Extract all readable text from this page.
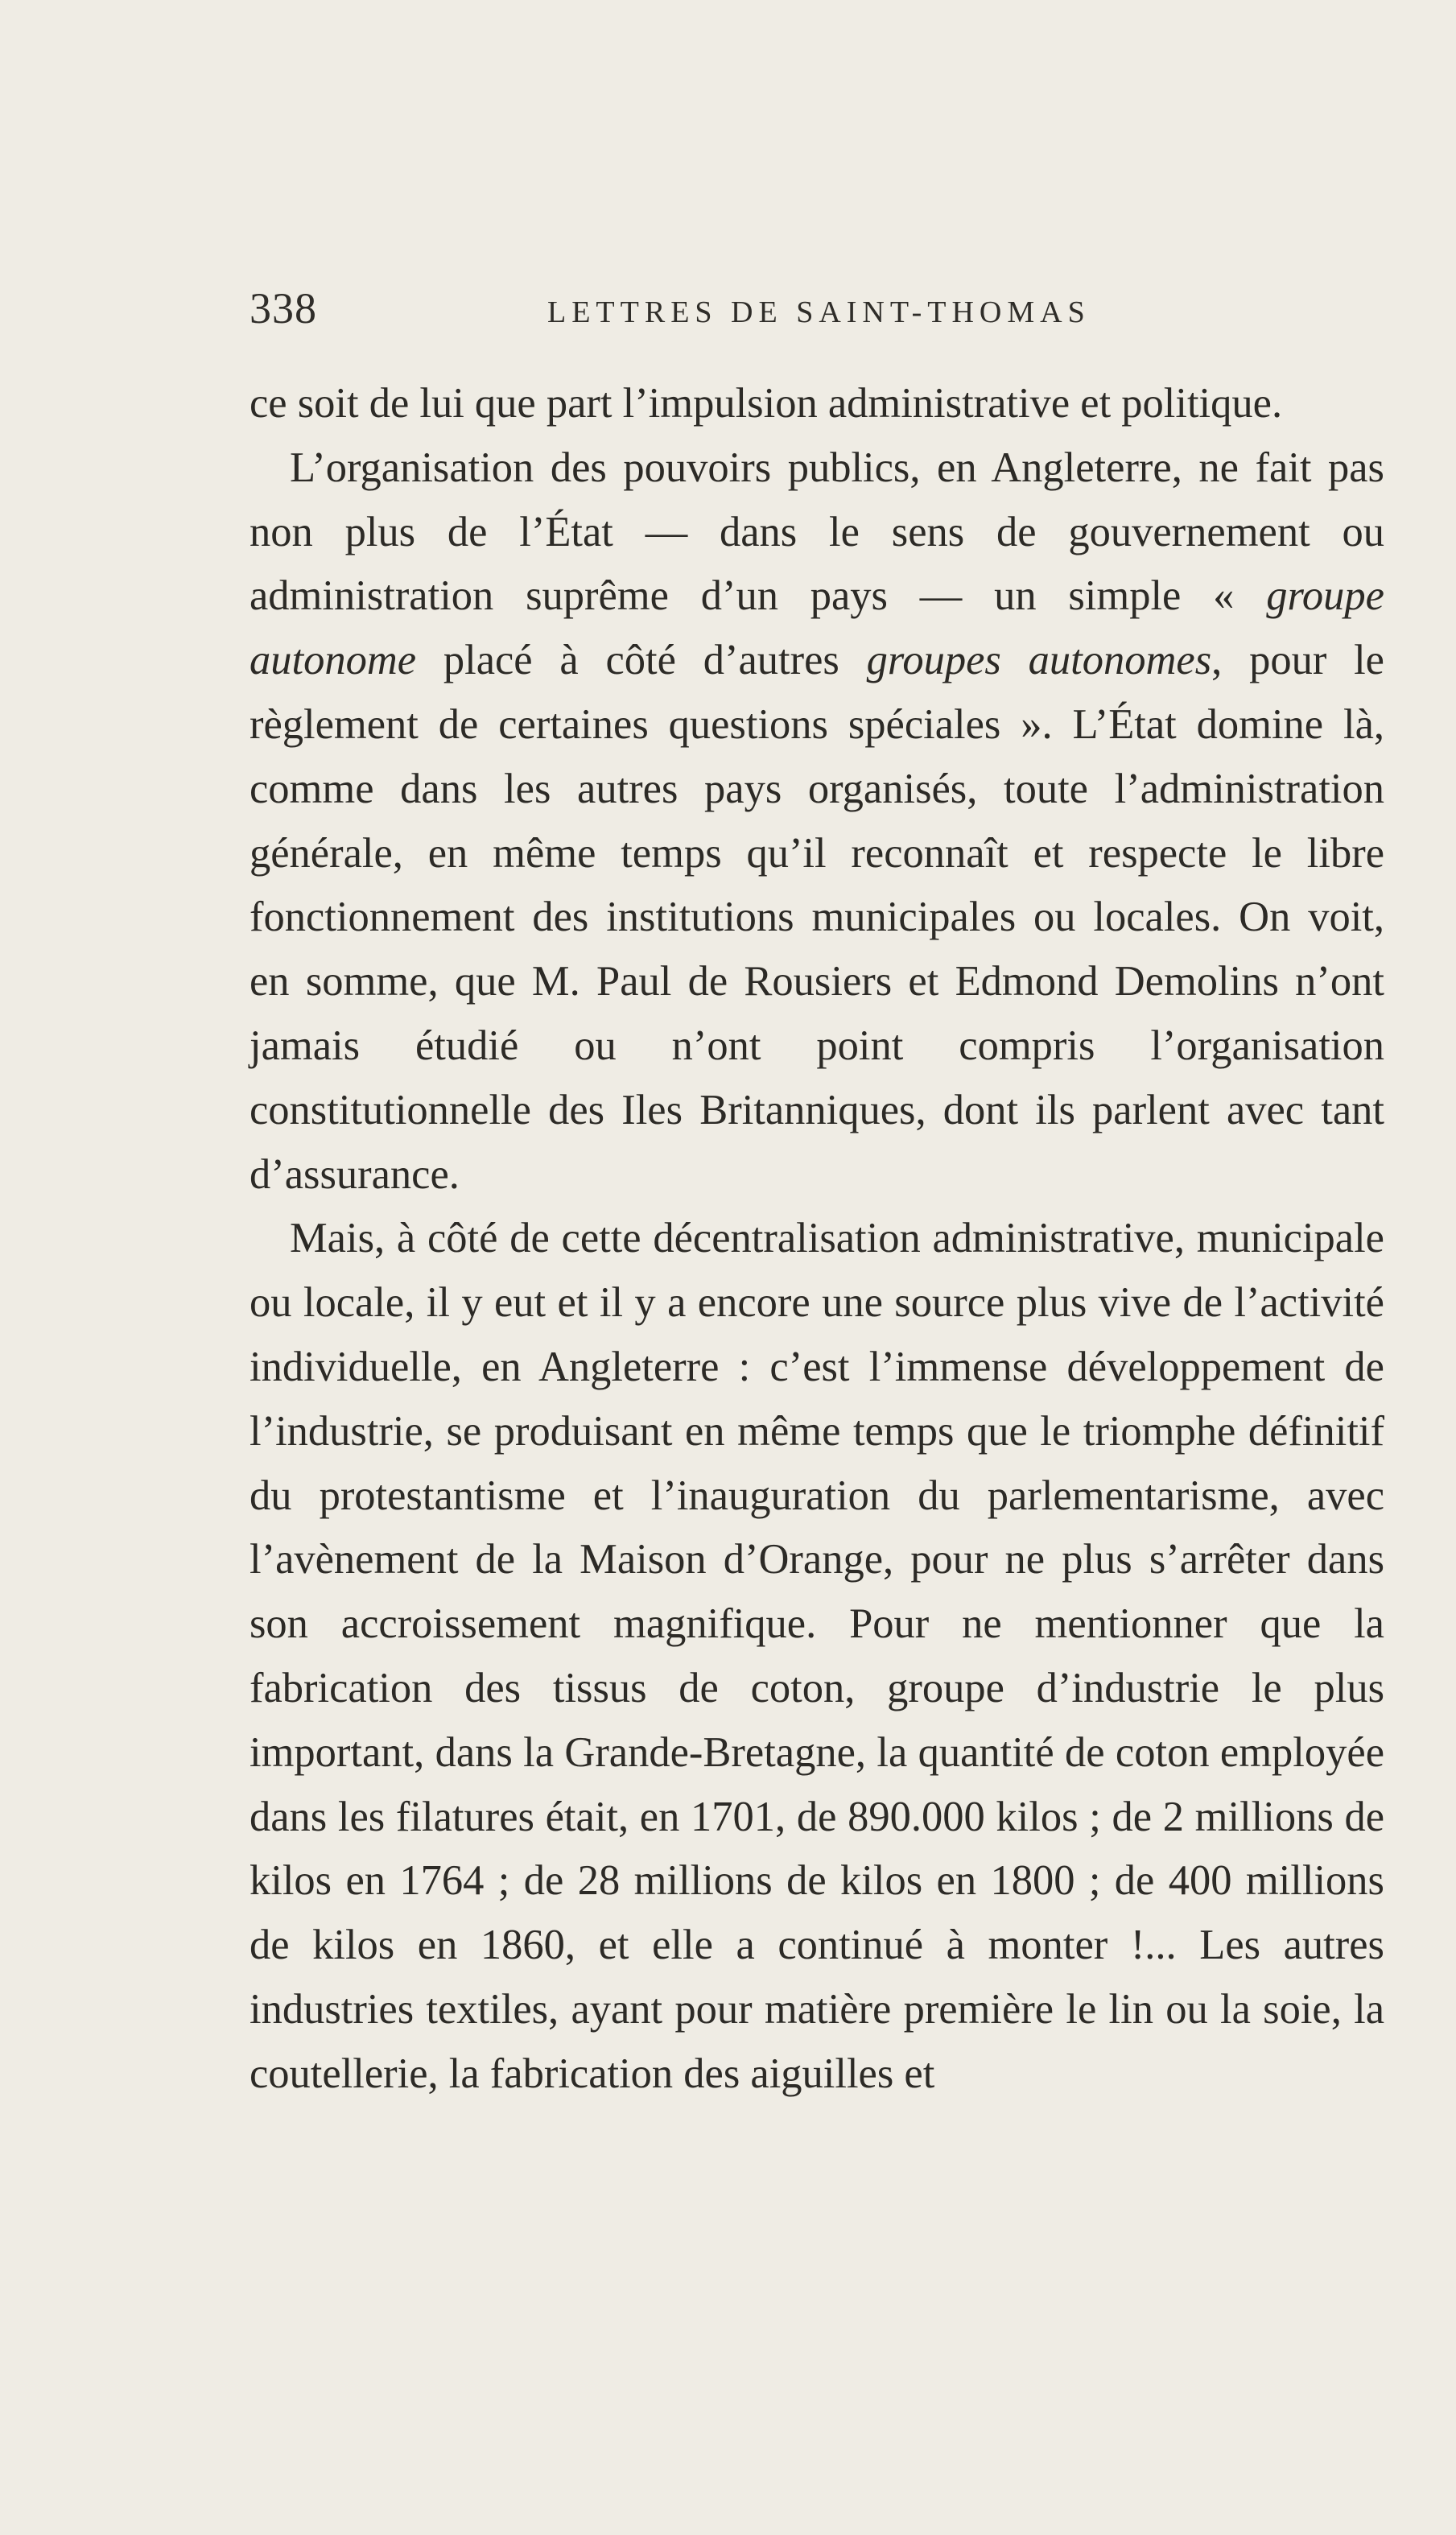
338	LETTRES DE SAINT-THOMAS

ce soit de lui que part l’impulsion administrative et politique.

L’organisation des pouvoirs publics, en Angleterre, ne fait pas non plus de l’État — dans le sens de gouvernement ou administration suprême d’un pays — un simple « groupe autonome placé à côté d’autres groupes autonomes, pour le règlement de certaines questions spéciales ». L’État domine là, comme dans les autres pays organisés, toute l’administration générale, en même temps qu’il reconnaît et respecte le libre fonctionnement des institutions municipales ou locales. On voit, en somme, que M. Paul de Rousiers et Edmond Demolins n’ont jamais étudié ou n’ont point compris l’organisation constitutionnelle des Iles Britanniques, dont ils parlent avec tant d’assurance.

Mais, à côté de cette décentralisation administrative, municipale ou locale, il y eut et il y a encore une source plus vive de l’activité individuelle, en Angleterre : c’est l’immense développement de l’industrie, se produisant en même temps que le triomphe définitif du protestantisme et l’inauguration du parlementarisme, avec l’avènement de la Maison d’Orange, pour ne plus s’arrêter dans son accroissement magnifique. Pour ne mentionner que la fabrication des tissus de coton, groupe d’industrie le plus important, dans la Grande-Bretagne, la quantité de coton employée dans les filatures était, en 1701, de 890.000 kilos ; de 2 millions de kilos en 1764 ; de 28 millions de kilos en 1800 ; de 400 millions de kilos en 1860, et elle a continué à monter !... Les autres industries textiles, ayant pour matière première le lin ou la soie, la coutellerie, la fabrication des aiguilles et
